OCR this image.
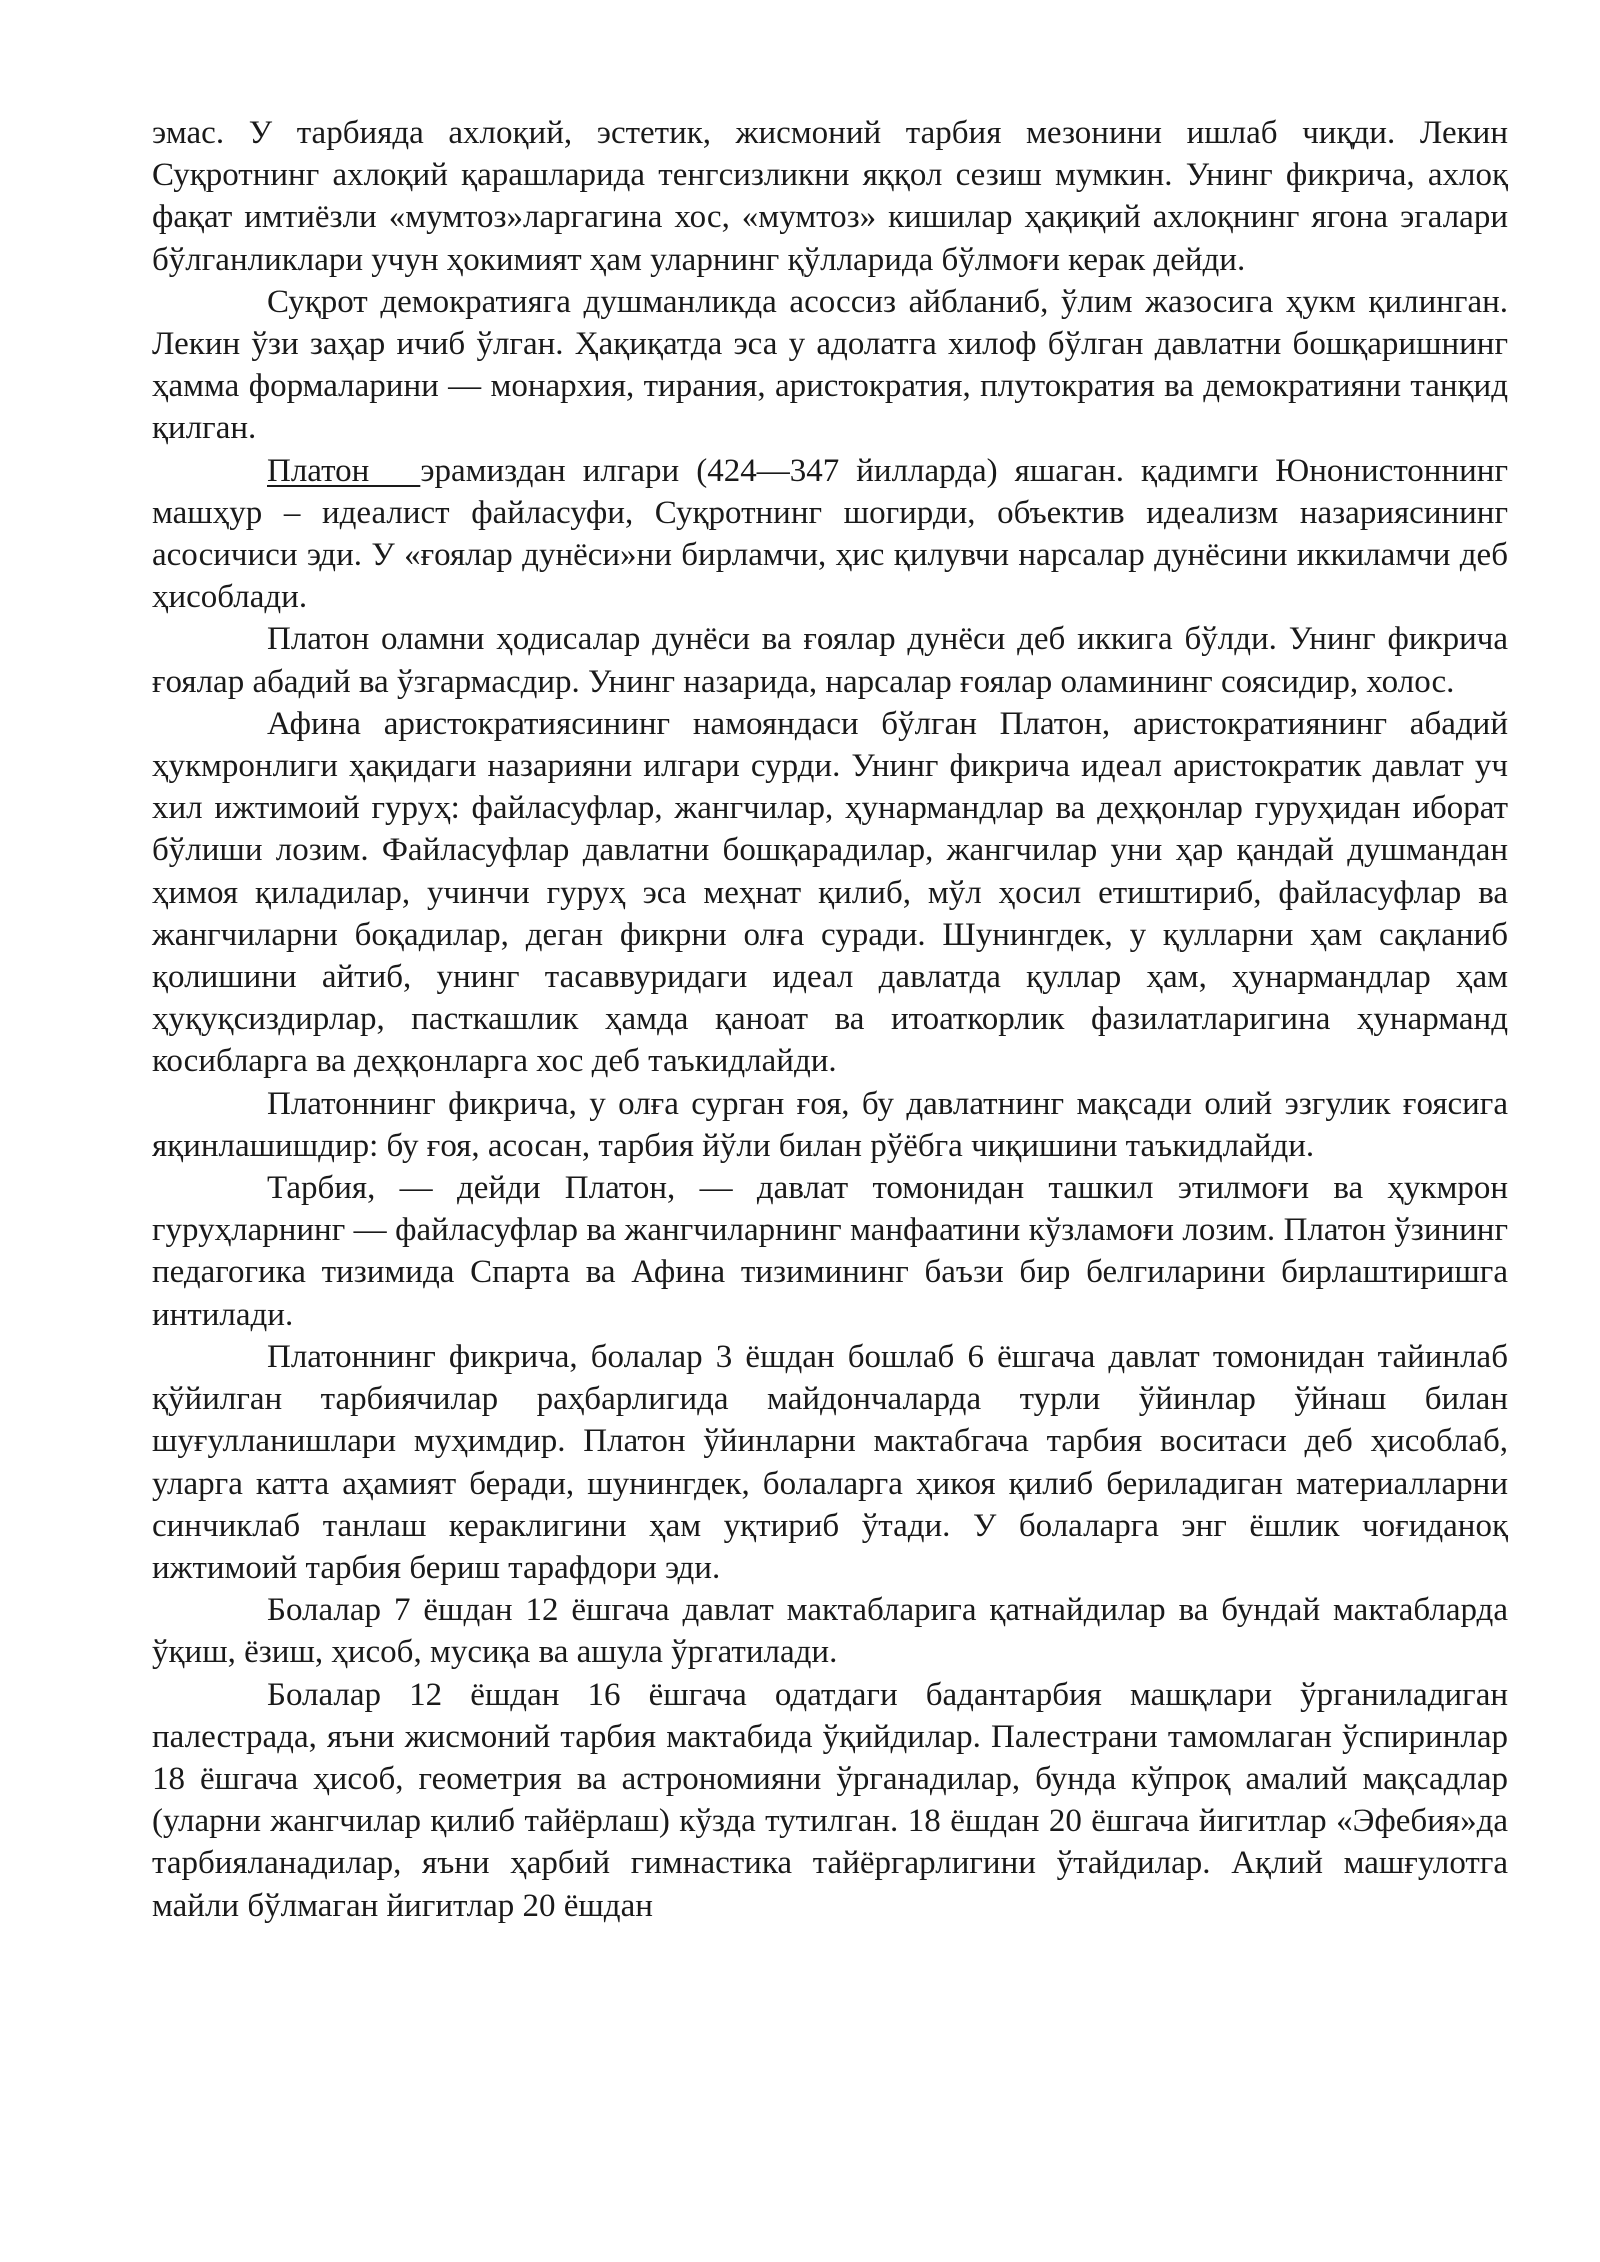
эмас. У тарбияда ахлоқий, эстетик, жисмоний тарбия мезонини ишлаб чиқди. Лекин Суқротнинг ахлоқий қарашларида тенгсизликни яққол сезиш мумкин. Унинг фикрича, ахлоқ фақат имтиёзли «мумтоз»ларгагина хос, «мумтоз» кишилар ҳақиқий ахлоқнинг ягона эгалари бўлганликлари учун ҳокимият ҳам уларнинг қўлларида бўлмоғи керак дейди.

Суқрот демократияга душманликда асоссиз айбланиб, ўлим жазосига ҳукм қилинган. Лекин ўзи заҳар ичиб ўлган. Ҳақиқатда эса у адолатга хилоф бўлган давлатни бошқаришнинг ҳамма формаларини — монархия, тирания, аристократия, плутократия ва демократияни танқид қилган.

Платон   эрамиздан илгари (424—347 йилларда) яшаган. қадимги Юнонистоннинг машҳур – идеалист файласуфи, Суқротнинг шогирди, объектив идеализм назариясининг асосичиси эди. У «ғоялар дунёси»ни бирламчи, ҳис қилувчи нарсалар дунёсини иккиламчи деб ҳисоблади.

Платон оламни ҳодисалар дунёси ва ғоялар дунёси деб иккига бўлди. Унинг фикрича ғоялар абадий ва ўзгармасдир. Унинг назарида, нарсалар ғоялар оламининг соясидир, холос.

Афина аристократиясининг намояндаси бўлган Платон, аристократиянинг абадий ҳукмронлиги ҳақидаги назарияни илгари сурди. Унинг фикрича идеал аристократик давлат уч хил ижтимоий гуруҳ: файласуфлар, жангчилар, ҳунармандлар ва деҳқонлар гуруҳидан иборат бўлиши лозим. Файласуфлар давлатни бошқарадилар, жангчилар уни ҳар қандай душмандан ҳимоя қиладилар, учинчи гуруҳ эса меҳнат қилиб, мўл ҳосил етиштириб, файласуфлар ва жангчиларни боқадилар, деган фикрни олға суради. Шунингдек, у қулларни ҳам сақланиб қолишини айтиб, унинг тасаввуридаги идеал давлатда қуллар ҳам, ҳунармандлар ҳам ҳуқуқсиздирлар, пасткашлик ҳамда қаноат ва итоаткорлик фазилатларигина ҳунарманд косибларга ва деҳқонларга хос деб таъкидлайди.

Платоннинг фикрича, у олға сурган ғоя, бу давлатнинг мақсади олий эзгулик ғоясига яқинлашишдир: бу ғоя, асосан, тарбия йўли билан рўёбга чиқишини таъкидлайди.

Тарбия, — дейди Платон, — давлат томонидан ташкил этилмоғи ва ҳукмрон гуруҳларнинг — файласуфлар ва жангчиларнинг манфаатини кўзламоғи лозим. Платон ўзининг педагогика тизимида Спарта ва Афина тизимининг баъзи бир белгиларини бирлаштиришга интилади.

Платоннинг фикрича, болалар 3 ёшдан бошлаб 6 ёшгача давлат томонидан тайинлаб қўйилган тарбиячилар раҳбарлигида майдончаларда турли ўйинлар ўйнаш билан шуғулланишлари муҳимдир. Платон ўйинларни мактабгача тарбия воситаси деб ҳисоблаб, уларга катта аҳамият беради, шунингдек, болаларга ҳикоя қилиб бериладиган материалларни синчиклаб танлаш кераклигини ҳам уқтириб ўтади. У болаларга энг ёшлик чоғиданоқ ижтимоий тарбия бериш тарафдори эди.

Болалар 7 ёшдан 12 ёшгача давлат мактабларига қатнайдилар ва бундай мактабларда ўқиш, ёзиш, ҳисоб, мусиқа ва ашула ўргатилади.

Болалар 12 ёшдан 16 ёшгача одатдаги бадантарбия машқлари ўрганиладиган палестрада, яъни жисмоний тарбия мактабида ўқийдилар. Палестрани тамомлаган ўспиринлар 18 ёшгача ҳисоб, геометрия ва астрономияни ўрганадилар, бунда кўпроқ амалий мақсадлар (уларни жангчилар қилиб тайёрлаш) кўзда тутилган. 18 ёшдан 20 ёшгача йигитлар «Эфебия»да тарбияланадилар, яъни ҳарбий гимнастика тайёргарлигини ўтайдилар. Ақлий машғулотга майли бўлмаган йигитлар 20 ёшдан
